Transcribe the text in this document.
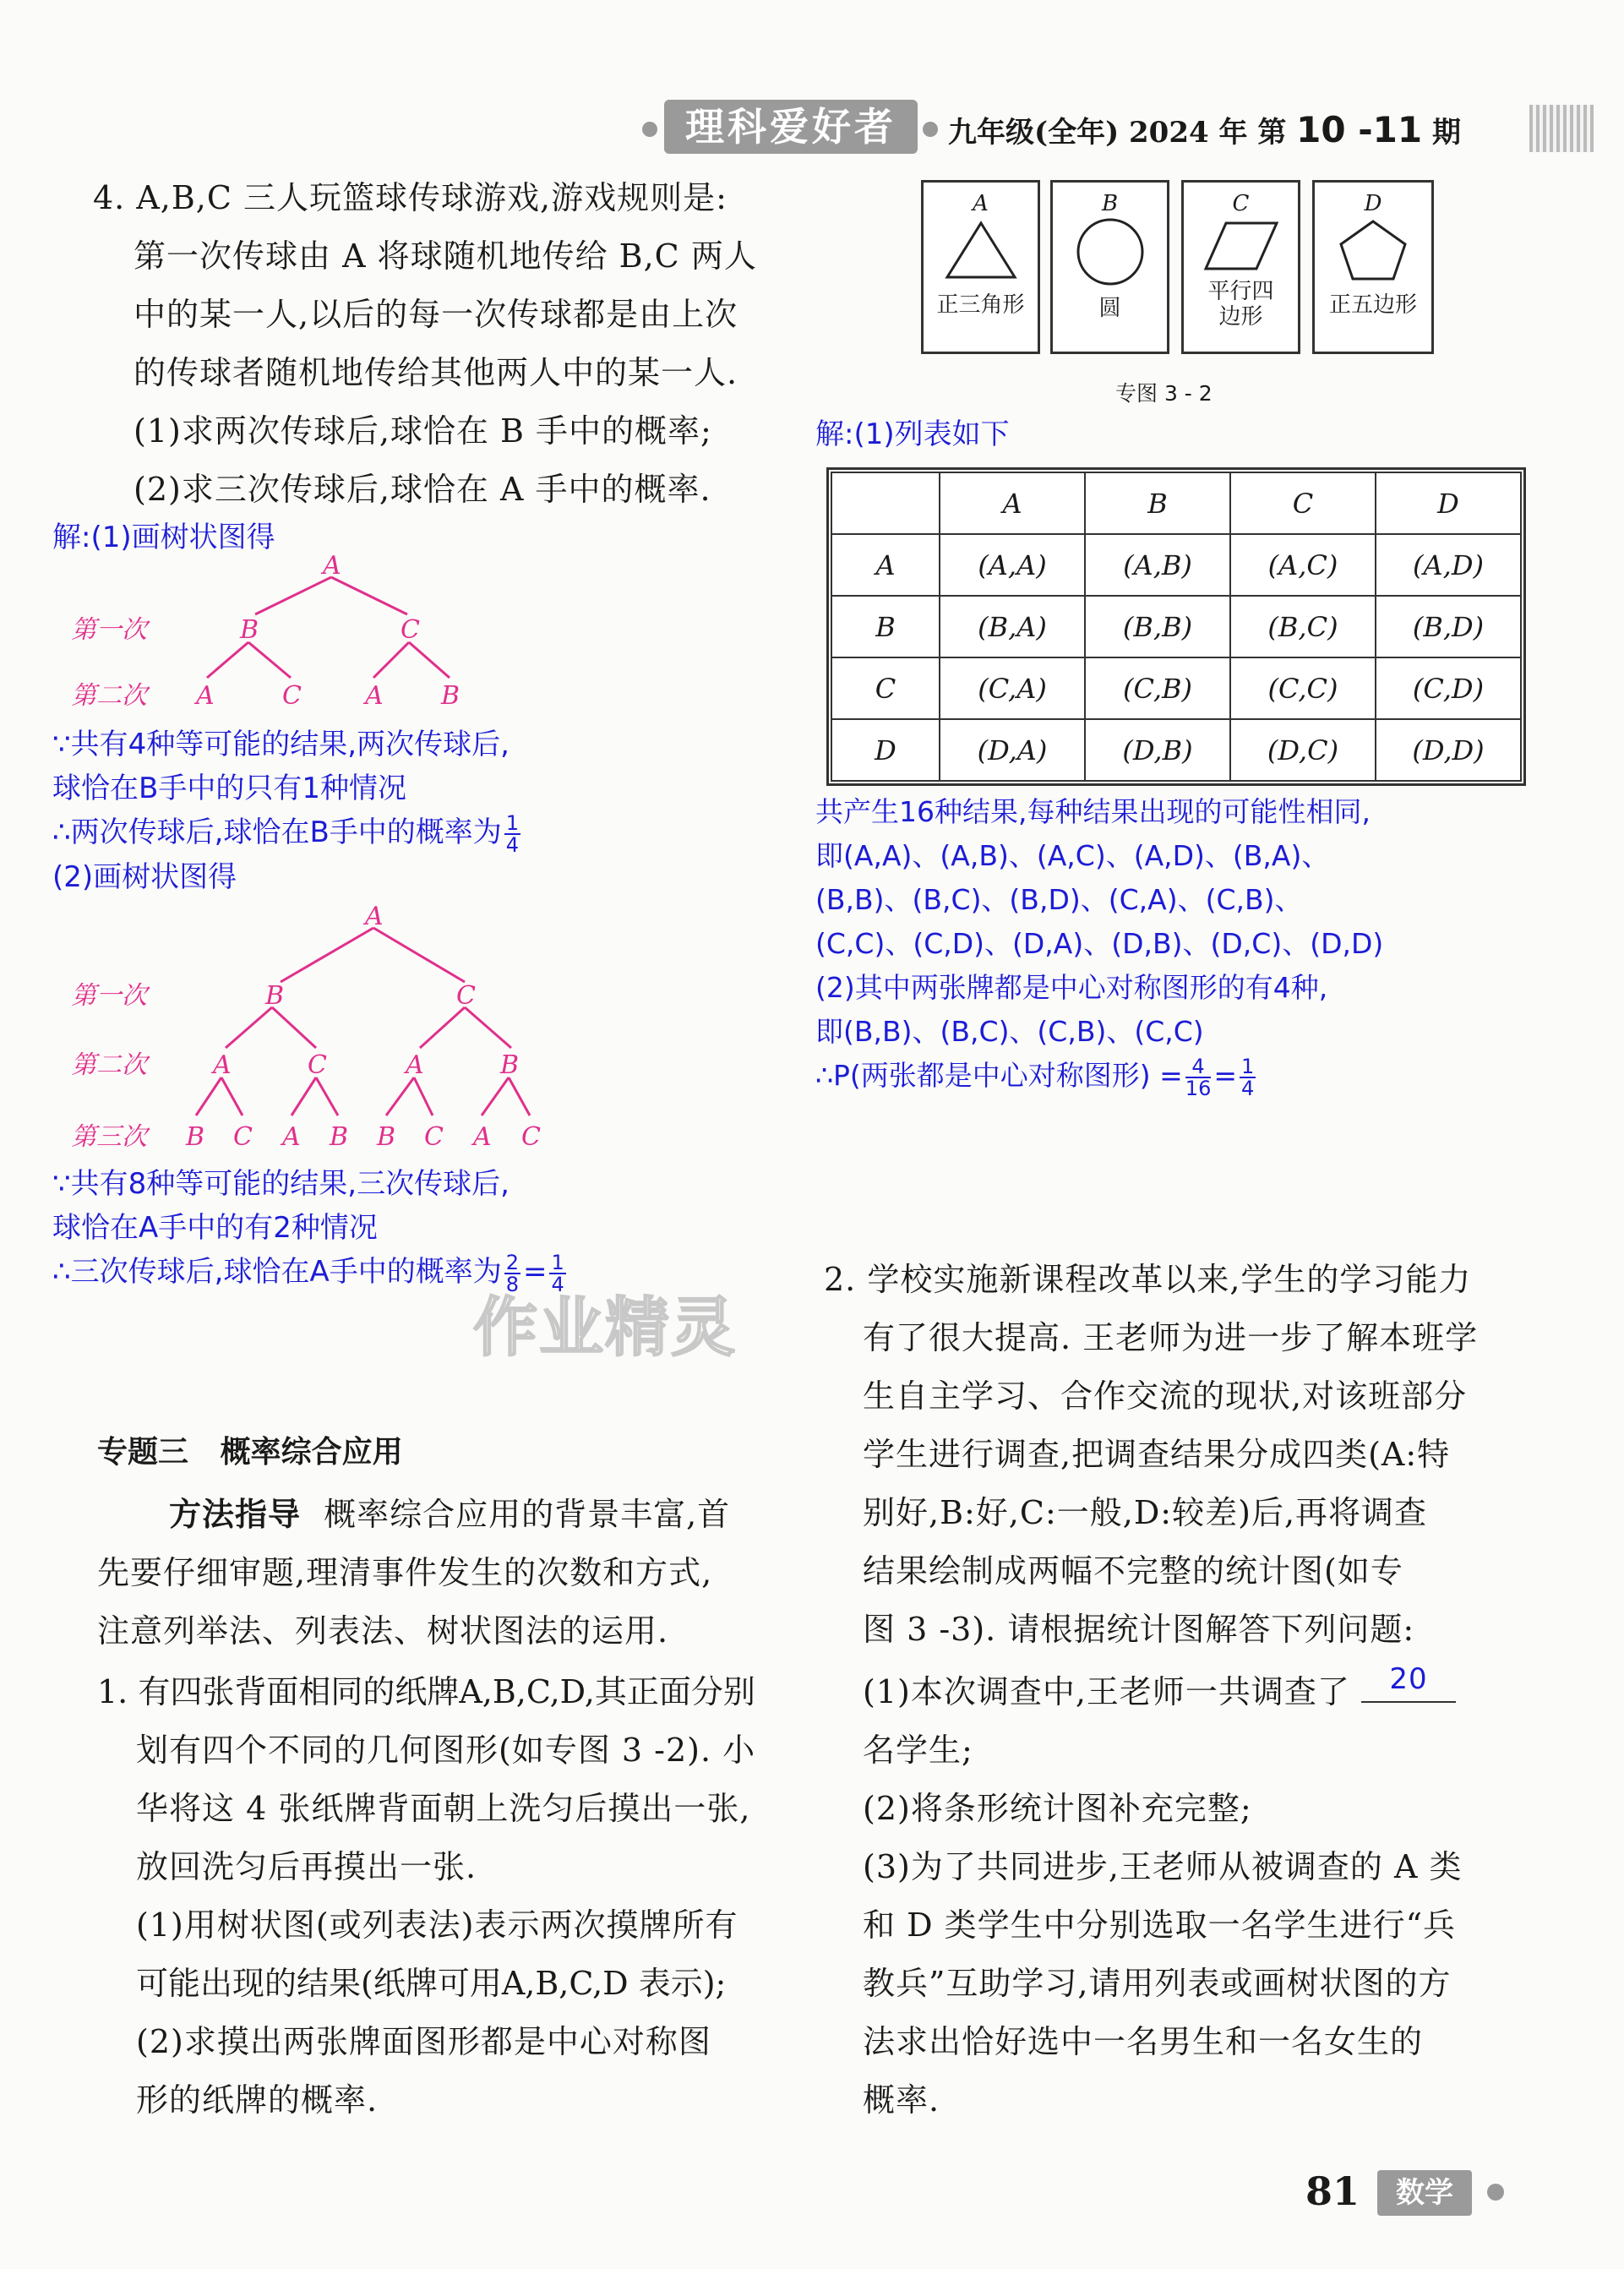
理科爱好者	九年级(全年) 2024 年 第 10 -11 期
4. A,B,C 三人玩篮球传球游戏,游戏规则是:
第一次传球由 A 将球随机地传给 B,C 两人
中的某一人,以后的每一次传球都是由上次
的传球者随机地传给其他两人中的某一人.
(1)求两次传球后,球恰在 B 手中的概率;
(2)求三次传球后,球恰在 A 手中的概率.
解:(1)画树状图得
A
B	C
A	C	A B
第一次
第二次
∵共有4种等可能的结果,两次传球后,
球恰在B手中的只有1种情况
∴两次传球后,球恰在B手中的概率为 $\frac{1}{4}$
(2)画树状图得
A
B	C
A	C	A	B
B C A B B C A C
第一次
第二次
第三次
∵共有8种等可能的结果,三次传球后,
球恰在A手中的有2种情况
∴三次传球后,球恰在A手中的概率为 $\frac{2}{8} = \frac{1}{4}$
作业精灵
专题三   概率综合应用
方法指导 概率综合应用的背景丰富,首
先要仔细审题,理清事件发生的次数和方式,
注意列举法、列表法、树状图法的运用.
1. 有四张背面相同的纸牌A,B,C,D,其正面分别
划有四个不同的几何图形(如专图 3 -2). 小
华将这 4 张纸牌背面朝上洗匀后摸出一张,
放回洗匀后再摸出一张.
(1)用树状图(或列表法)表示两次摸牌所有
可能出现的结果(纸牌可用A,B,C,D 表示);
(2)求摸出两张牌面图形都是中心对称图
形的纸牌的概率.
A
正三角形
B
圆
C
平行四边形
D
正五边形
专图 3 - 2
解:(1)列表如下
	A	B	C	D
A	(A,A)	(A,B)	(A,C)	(A,D)
B	(B,A)	(B,B)	(B,C)	(B,D)
C	(C,A)	(C,B)	(C,C)	(C,D)
D	(D,A)	(D,B)	(D,C)	(D,D)
共产生16种结果,每种结果出现的可能性相同,
即(A,A)、(A,B)、(A,C)、(A,D)、(B,A)、
(B,B)、(B,C)、(B,D)、(C,A)、(C,B)、
(C,C)、(C,D)、(D,A)、(D,B)、(D,C)、(D,D)
(2)其中两张牌都是中心对称图形的有4种,
即(B,B)、(B,C)、(C,B)、(C,C)
∴P(两张都是中心对称图形) = $\frac{4}{16} = \frac{1}{4}$
2. 学校实施新课程改革以来,学生的学习能力
有了很大提高. 王老师为进一步了解本班学
生自主学习、合作交流的现状,对该班部分
学生进行调查,把调查结果分成四类(A:特
别好,B:好,C:一般,D:较差)后,再将调查
结果绘制成两幅不完整的统计图(如专
图 3 -3). 请根据统计图解答下列问题:
(1)本次调查中,王老师一共调查了	20
名学生;
(2)将条形统计图补充完整;
(3)为了共同进步,王老师从被调查的 A 类
和 D 类学生中分别选取一名学生进行“兵
教兵”互助学习,请用列表或画树状图的方
法求出恰好选中一名男生和一名女生的
概率.
81	数学
